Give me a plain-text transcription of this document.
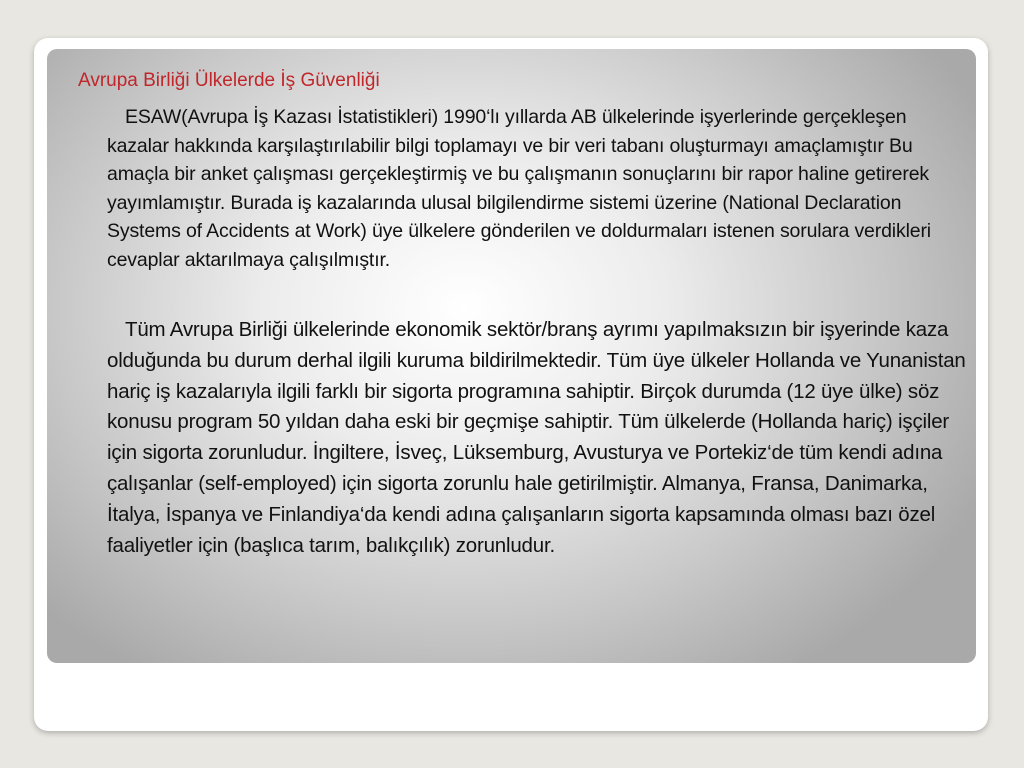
Avrupa Birliği Ülkelerde İş Güvenliği

ESAW(Avrupa İş Kazası İstatistikleri) 1990‘lı yıllarda AB ülkelerinde işyerlerinde gerçekleşen kazalar hakkında karşılaştırılabilir bilgi toplamayı ve bir veri tabanı oluşturmayı amaçlamıştır Bu amaçla bir anket çalışması gerçekleştirmiş ve bu çalışmanın sonuçlarını bir rapor haline getirerek yayımlamıştır. Burada iş kazalarında ulusal bilgilendirme sistemi üzerine (National Declaration Systems of Accidents at Work) üye ülkelere gönderilen ve doldurmaları istenen sorulara verdikleri cevaplar aktarılmaya çalışılmıştır.

Tüm Avrupa Birliği ülkelerinde ekonomik sektör/branş ayrımı yapılmaksızın bir işyerinde kaza olduğunda bu durum derhal ilgili kuruma bildirilmektedir. Tüm üye ülkeler Hollanda ve Yunanistan hariç iş kazalarıyla ilgili farklı bir sigorta programına sahiptir. Birçok durumda (12 üye ülke) söz konusu program 50 yıldan daha eski bir geçmişe sahiptir. Tüm ülkelerde (Hollanda hariç) işçiler için sigorta zorunludur. İngiltere, İsveç, Lüksemburg, Avusturya ve Portekiz‘de tüm kendi adına çalışanlar (self-employed) için sigorta zorunlu hale getirilmiştir. Almanya, Fransa, Danimarka, İtalya, İspanya ve Finlandiya‘da kendi adına çalışanların sigorta kapsamında olması bazı özel faaliyetler için (başlıca tarım, balıkçılık) zorunludur.
